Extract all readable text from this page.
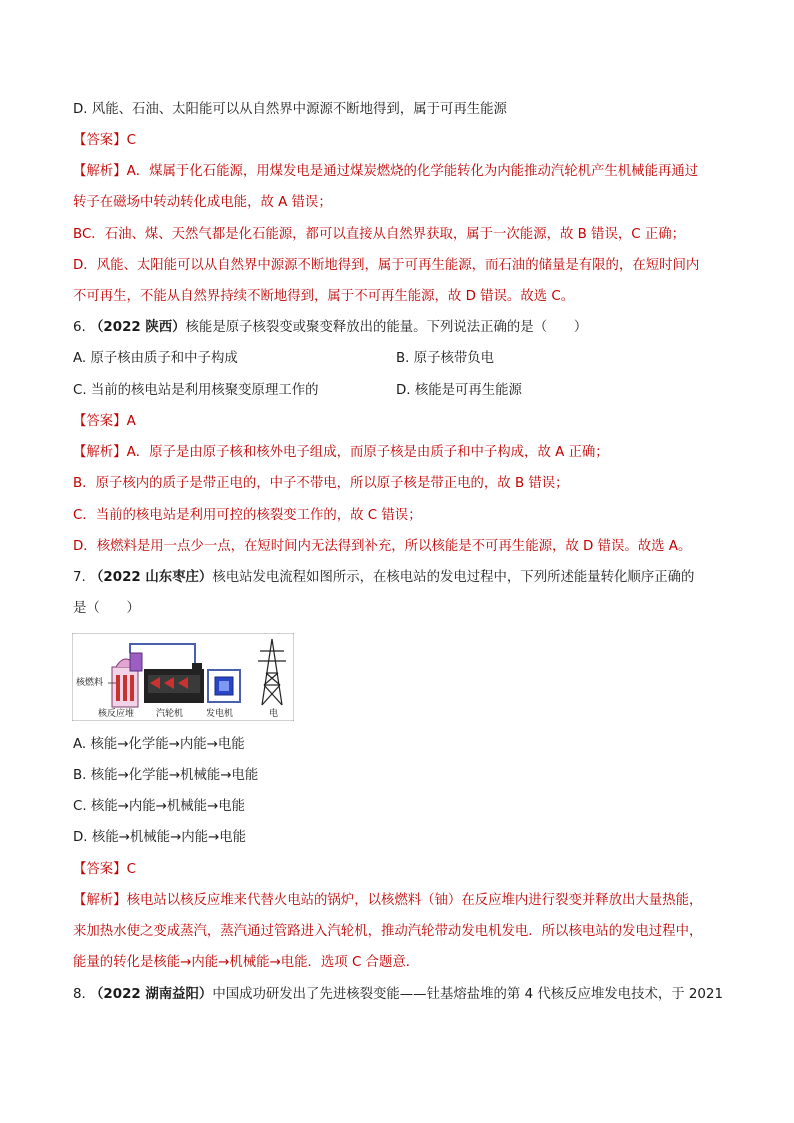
D. 风能、石油、太阳能可以从自然界中源源不断地得到，属于可再生能源
【答案】C
【解析】A．煤属于化石能源，用煤发电是通过煤炭燃烧的化学能转化为内能推动汽轮机产生机械能再通过
转子在磁场中转动转化成电能，故 A 错误；
BC．石油、煤、天然气都是化石能源，都可以直接从自然界获取，属于一次能源，故 B 错误，C 正确；
D．风能、太阳能可以从自然界中源源不断地得到，属于可再生能源，而石油的储量是有限的，在短时间内
不可再生，不能从自然界持续不断地得到，属于不可再生能源，故 D 错误。故选 C。
6. （2022 陕西）核能是原子核裂变或聚变释放出的能量。下列说法正确的是（　　）
A. 原子核由质子和中子构成	B. 原子核带负电
C. 当前的核电站是利用核聚变原理工作的	D. 核能是可再生能源
【答案】A
【解析】A．原子是由原子核和核外电子组成，而原子核是由质子和中子构成，故 A 正确；
B．原子核内的质子是带正电的，中子不带电，所以原子核是带正电的，故 B 错误；
C．当前的核电站是利用可控的核裂变工作的，故 C 错误；
D．核燃料是用一点少一点，在短时间内无法得到补充，所以核能是不可再生能源，故 D 错误。故选 A。
7. （2022 山东枣庄）核电站发电流程如图所示，在核电站的发电过程中，下列所述能量转化顺序正确的
是（　　）
核燃料
核反应堆 汽轮机	发电机	电
A. 核能→化学能→内能→电能
B. 核能→化学能→机械能→电能
C. 核能→内能→机械能→电能
D. 核能→机械能→内能→电能
【答案】C
【解析】核电站以核反应堆来代替火电站的锅炉，以核燃料（铀）在反应堆内进行裂变并释放出大量热能，
来加热水使之变成蒸汽，蒸汽通过管路进入汽轮机，推动汽轮带动发电机发电．所以核电站的发电过程中，
能量的转化是核能→内能→机械能→电能．选项 C 合题意．
8. （2022 湖南益阳）中国成功研发出了先进核裂变能——钍基熔盐堆的第 4 代核反应堆发电技术，于 2021
